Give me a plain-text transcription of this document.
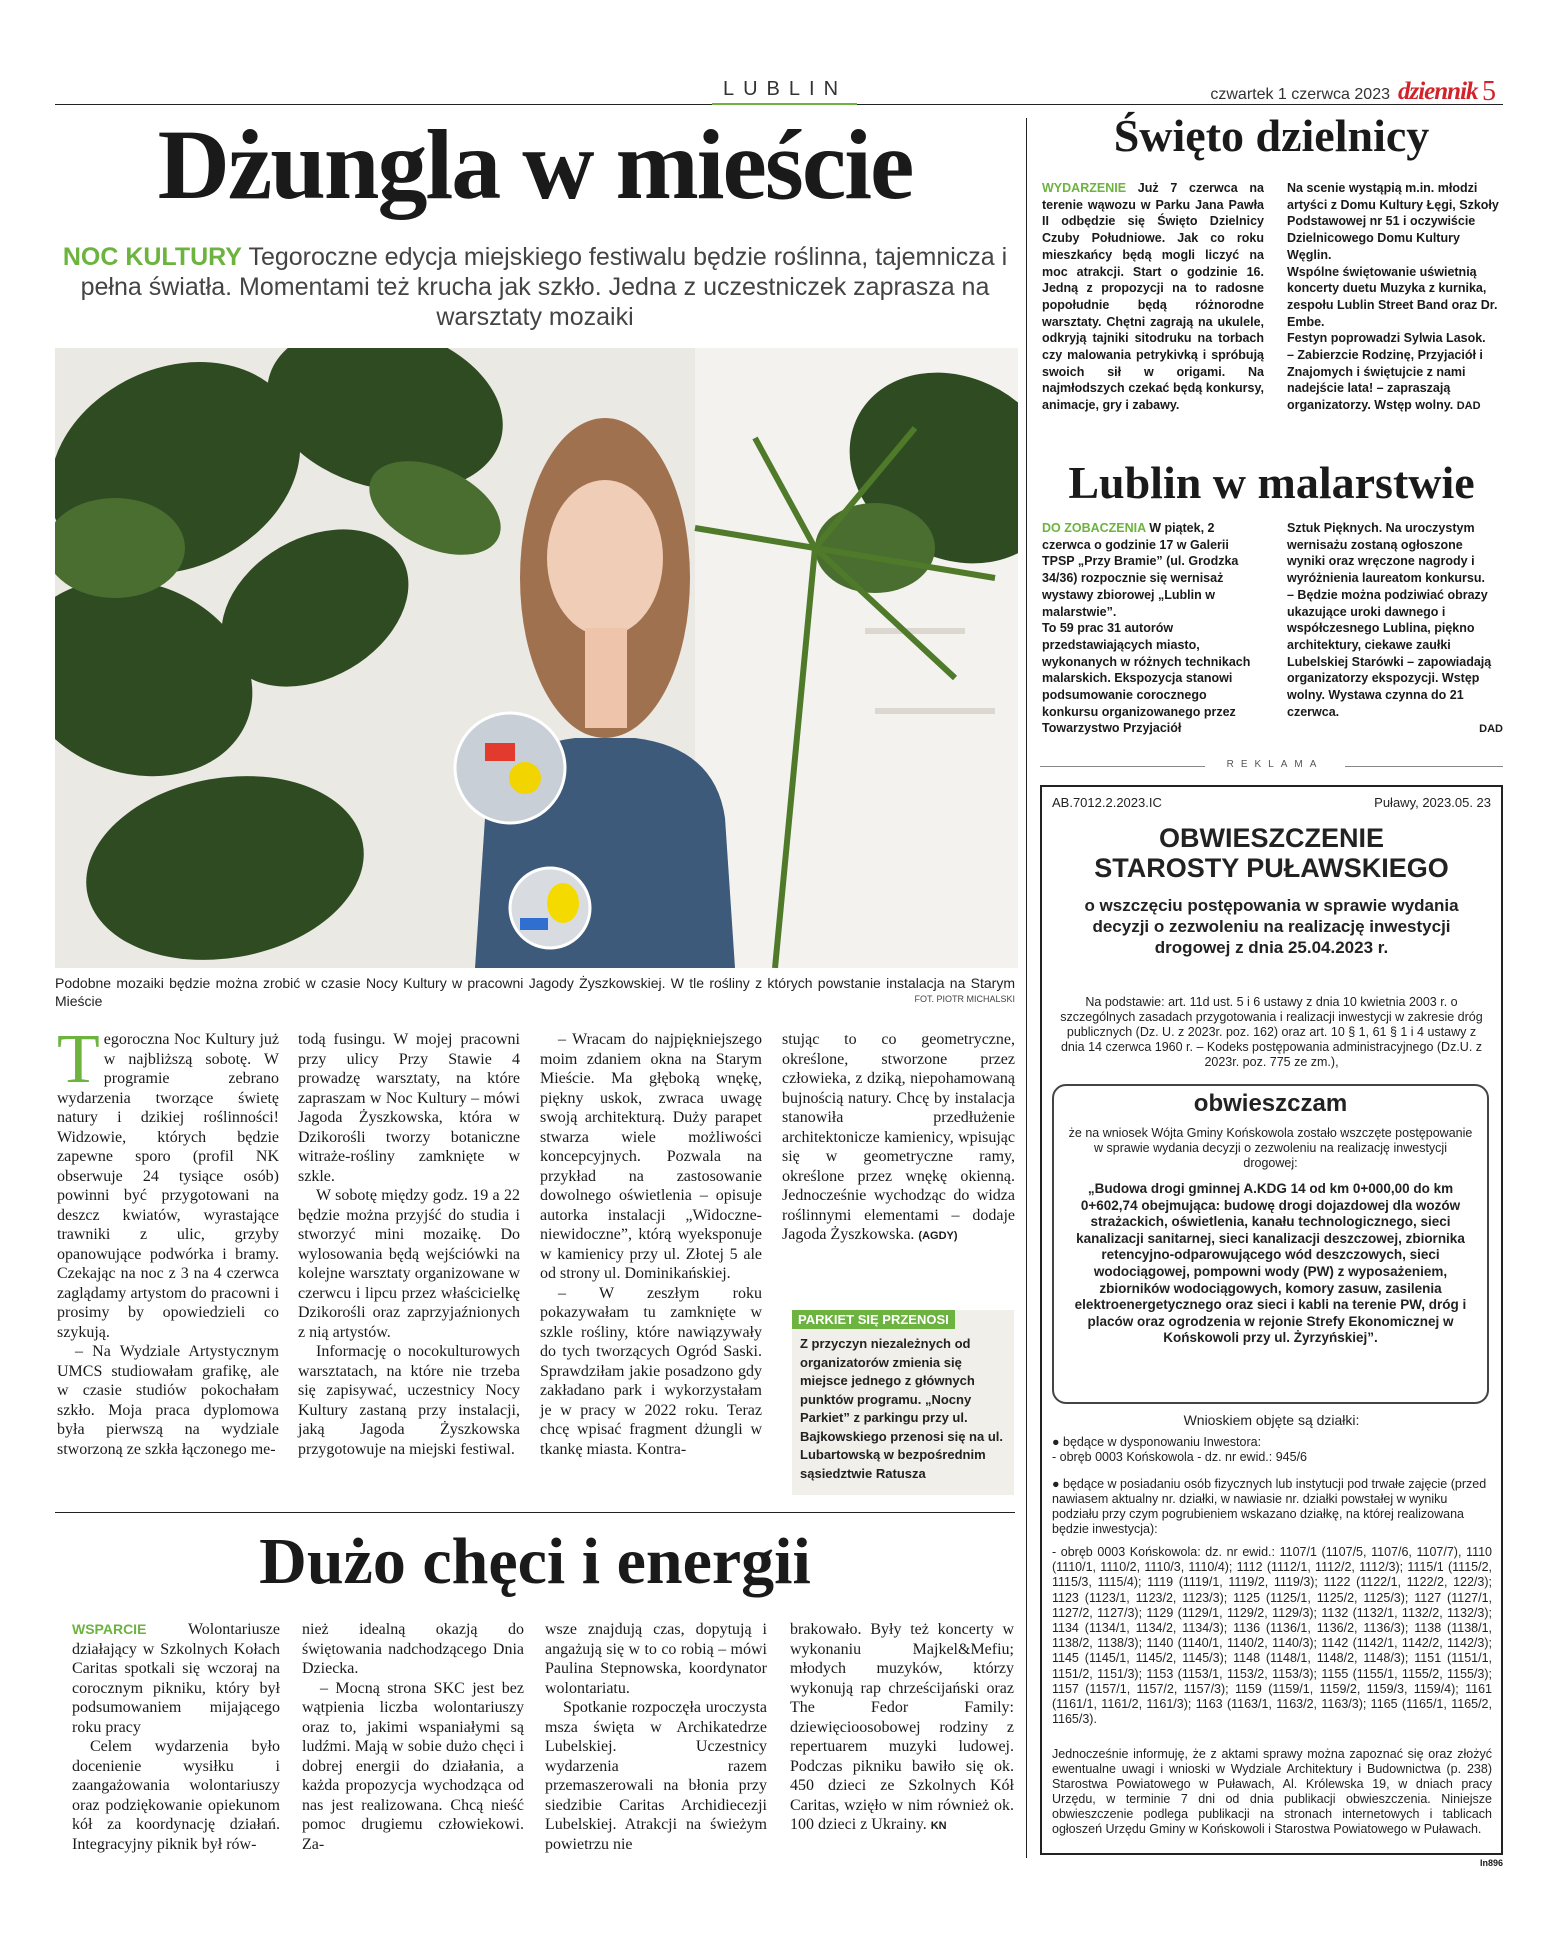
LUBLIN	czwartek 1 czerwca 2023 dziennik 5
Dżungla w mieście
NOC KULTURY Tegoroczne edycja miejskiego festiwalu będzie roślinna, tajemnicza i pełna światła. Momentami też krucha jak szkło. Jedna z uczestniczek zaprasza na warsztaty mozaiki
Podobne mozaiki będzie można zrobić w czasie Nocy Kultury w pracowni Jagody Żyszkowskiej. W tle rośliny z których powstanie instalacja na Starym Mieście	FOT. PIOTR MICHALSKI

Tegoroczna Noc Kultury już w najbliższą sobotę. W programie zebrano wydarzenia tworzące świetę natury i dzikiej roślinności! Widzowie, których będzie zapewne sporo (profil NK obserwuje 24 tysiące osób) powinni być przygotowani na deszcz kwiatów, wyrastające trawniki z ulic, grzyby opanowujące podwórka i bramy. Czekając na noc z 3 na 4 czerwca zaglądamy artystom do pracowni i prosimy by opowiedzieli co szykują.

– Na Wydziale Artystycznym UMCS studiowałam grafikę, ale w czasie studiów pokochałam szkło. Moja praca dyplomowa była pierwszą na wydziale stworzoną ze szkła łączonego me-

todą fusingu. W mojej pracowni przy ulicy Przy Stawie 4 prowadzę warsztaty, na które zapraszam w Noc Kultury – mówi Jagoda Żyszkowska, która w Dzikorośli tworzy botaniczne witraże-rośliny zamknięte w szkle.

W sobotę między godz. 19 a 22 będzie można przyjść do studia i stworzyć mini mozaikę. Do wylosowania będą wejściówki na kolejne warsztaty organizowane w czerwcu i lipcu przez właścicielkę Dzikorośli oraz zaprzyjaźnionych z nią artystów.

Informację o nocokulturowych warsztatach, na które nie trzeba się zapisywać, uczestnicy Nocy Kultury zastaną przy instalacji, jaką Jagoda Żyszkowska przygotowuje na miejski festiwal.

– Wracam do najpiękniejszego moim zdaniem okna na Starym Mieście. Ma głęboką wnękę, piękny uskok, zwraca uwagę swoją architekturą. Duży parapet stwarza wiele możliwości koncepcyjnych. Pozwala na przykład na zastosowanie dowolnego oświetlenia – opisuje autorka instalacji „Widoczne-niewidoczne”, którą wyeksponuje w kamienicy przy ul. Złotej 5 ale od strony ul. Dominikańskiej.

– W zeszłym roku pokazywałam tu zamknięte w szkle rośliny, które nawiązywały do tych tworzących Ogród Saski. Sprawdziłam jakie posadzono gdy zakładano park i wykorzystałam je w pracy w 2022 roku. Teraz chcę wpisać fragment dżungli w tkankę miasta. Kontra-

stując to co geometryczne, określone, stworzone przez człowieka, z dziką, niepohamowaną bujnością natury. Chcę by instalacja stanowiła przedłużenie architektonicze kamienicy, wpisując się w geometryczne ramy, określone przez wnękę okienną. Jednocześnie wychodząc do widza roślinnymi elementami – dodaje Jagoda Żyszkowska. (AGDY)

PARKIET SIĘ PRZENOSI
Z przyczyn niezależnych od organizatorów zmienia się miejsce jednego z głównych punktów programu. „Nocny Parkiet” z parkingu przy ul. Bajkowskiego przenosi się na ul. Lubartowską w bezpośrednim sąsiedztwie Ratusza
Dużo chęci i energii

WSPARCIE	Wolontariusze działający w Szkolnych Kołach Caritas spotkali się wczoraj na corocznym pikniku, który był podsumowaniem mijającego roku pracy

Celem wydarzenia było docenienie wysiłku i zaangażowania wolontariuszy oraz podziękowanie opiekunom kół za koordynację działań. Integracyjny piknik był rów-

nież idealną okazją do świętowania nadchodzącego Dnia Dziecka.

– Mocną strona SKC jest bez wątpienia liczba wolontariuszy oraz to, jakimi wspaniałymi są ludźmi. Mają w sobie dużo chęci i dobrej energii do działania, a każda propozycja wychodząca od nas jest realizowana. Chcą nieść pomoc drugiemu człowiekowi. Za-

wsze znajdują czas, dopytują i angażują się w to co robią – mówi Paulina Stepnowska, koordynator wolontariatu.

Spotkanie rozpoczęła uroczysta msza święta w Archikatedrze Lubelskiej. Uczestnicy wydarzenia razem przemaszerowali na błonia przy siedzibie Caritas Archidiecezji Lubelskiej. Atrakcji na świeżym powietrzu nie

brakowało. Były też koncerty w wykonaniu Majkel&Mefiu; młodych muzyków, którzy wykonują rap chrześcijański oraz The Fedor Family: dziewięcioosobowej rodziny z repertuarem muzyki ludowej. Podczas pikniku bawiło się ok. 450 dzieci ze Szkolnych Kół Caritas, wzięło w nim również ok. 100 dzieci z Ukrainy. KN

Święto dzielnicy
WYDARZENIE Już 7 czerwca na terenie wąwozu w Parku Jana Pawła II odbędzie się Święto Dzielnicy Czuby Południowe. Jak co roku mieszkańcy będą mogli liczyć na moc atrakcji. Start o godzinie 16. Jedną z propozycji na to radosne popołudnie będą różnorodne warsztaty. Chętni zagrają na ukulele, odkryją tajniki sitodruku na torbach czy malowania petrykivką i spróbują swoich sił w origami. Na najmłodszych czekać będą konkursy, animacje, gry i zabawy.

Na scenie wystąpią m.in. młodzi artyści z Domu Kultury Łęgi, Szkoły Podstawowej nr 51 i oczywiście Dzielnicowego Domu Kultury Węglin.

Wspólne świętowanie uświetnią koncerty duetu Muzyka z kurnika, zespołu Lublin Street Band oraz Dr. Embe.

Festyn poprowadzi Sylwia Lasok.

– Zabierzcie Rodzinę, Przyjaciół i Znajomych i świętujcie z nami nadejście lata! – zapraszają organizatorzy. Wstęp wolny. DAD

Lublin w malarstwie

DO ZOBACZENIA W piątek, 2 czerwca o godzinie 17 w Galerii TPSP „Przy Bramie” (ul. Grodzka 34/36) rozpocznie się wernisaż wystawy zbiorowej „Lublin w malarstwie”.

To 59 prac 31 autorów przedstawiających miasto, wykonanych w różnych technikach malarskich. Ekspozycja stanowi podsumowanie corocznego konkursu organizowanego przez Towarzystwo Przyjaciół

Sztuk Pięknych. Na uroczystym wernisażu zostaną ogłoszone wyniki oraz wręczone nagrody i wyróżnienia laureatom konkursu.

– Będzie można podziwiać obrazy ukazujące uroki dawnego i współczesnego Lublina, piękno architektury, ciekawe zaułki Lubelskiej Starówki – zapowiadają organizatorzy ekspozycji. Wstęp wolny. Wystawa czynna do 21 czerwca.

DAD

REKLAMA
AB.7012.2.2023.IC	Puławy, 2023.05. 23
OBWIESZCZENIE
STAROSTY PUŁAWSKIEGO
o wszczęciu postępowania w sprawie wydania decyzji o zezwoleniu na realizację inwestycji drogowej z dnia 25.04.2023 r.
Na podstawie: art. 11d ust. 5 i 6 ustawy z dnia 10 kwietnia 2003 r. o szczególnych zasadach przygotowania i realizacji inwestycji w zakresie dróg publicznych (Dz. U. z 2023r. poz. 162) oraz art. 10 § 1, 61 § 1 i 4 ustawy z dnia 14 czerwca 1960 r. – Kodeks postępowania administracyjnego (Dz.U. z 2023r. poz. 775 ze zm.),
obwieszczam
że na wniosek Wójta Gminy Końskowola zostało wszczęte postępowanie w sprawie wydania decyzji o zezwoleniu na realizację inwestycji drogowej:
„Budowa drogi gminnej A.KDG 14 od km 0+000,00 do km 0+602,74 obejmująca: budowę drogi dojazdowej dla wozów strażackich, oświetlenia, kanału technologicznego, sieci kanalizacji sanitarnej, sieci kanalizacji deszczowej, zbiornika retencyjno-odparowującego wód deszczowych, sieci wodociągowej, pompowni wody (PW) z wyposażeniem, zbiorników wodociągowych, komory zasuw, zasilenia elektroenergetycznego oraz sieci i kabli na terenie PW, dróg i placów oraz ogrodzenia w rejonie Strefy Ekonomicznej w Końskowoli przy ul. Żyrzyńskiej”.
Wnioskiem objęte są działki:

● będące w dysponowaniu Inwestora:

- obręb 0003 Końskowola - dz. nr ewid.: 945/6

● będące w posiadaniu osób fizycznych lub instytucji pod trwałe zajęcie (przed nawiasem aktualny nr. działki, w nawiasie nr. działki powstałej w wyniku podziału przy czym pogrubieniem wskazano działkę, na której realizowana będzie inwestycja):
- obręb 0003 Końskowola: dz. nr ewid.: 1107/1 (1107/5, 1107/6, 1107/7), 1110 (1110/1, 1110/2, 1110/3, 1110/4); 1112 (1112/1, 1112/2, 1112/3); 1115/1 (1115/2, 1115/3, 1115/4); 1119 (1119/1, 1119/2, 1119/3); 1122 (1122/1, 1122/2, 122/3); 1123 (1123/1, 1123/2, 1123/3); 1125 (1125/1, 1125/2, 1125/3); 1127 (1127/1, 1127/2, 1127/3); 1129 (1129/1, 1129/2, 1129/3); 1132 (1132/1, 1132/2, 1132/3); 1134 (1134/1, 1134/2, 1134/3); 1136 (1136/1, 1136/2, 1136/3); 1138 (1138/1, 1138/2, 1138/3); 1140 (1140/1, 1140/2, 1140/3); 1142 (1142/1, 1142/2, 1142/3); 1145 (1145/1, 1145/2, 1145/3); 1148 (1148/1, 1148/2, 1148/3); 1151 (1151/1, 1151/2, 1151/3); 1153 (1153/1, 1153/2, 1153/3); 1155 (1155/1, 1155/2, 1155/3); 1157 (1157/1, 1157/2, 1157/3); 1159 (1159/1, 1159/2, 1159/3, 1159/4); 1161 (1161/1, 1161/2, 1161/3); 1163 (1163/1, 1163/2, 1163/3); 1165 (1165/1, 1165/2, 1165/3).
Jednocześnie informuję, że z aktami sprawy można zapoznać się oraz złożyć ewentualne uwagi i wnioski w Wydziale Architektury i Budownictwa (p. 238) Starostwa Powiatowego w Puławach, Al. Królewska 19, w dniach pracy Urzędu, w terminie 7 dni od dnia publikacji obwieszczenia. Niniejsze obwieszczenie podlega publikacji na stronach internetowych i tablicach ogłoszeń Urzędu Gminy w Końskowoli i Starostwa Powiatowego w Puławach.
In896
